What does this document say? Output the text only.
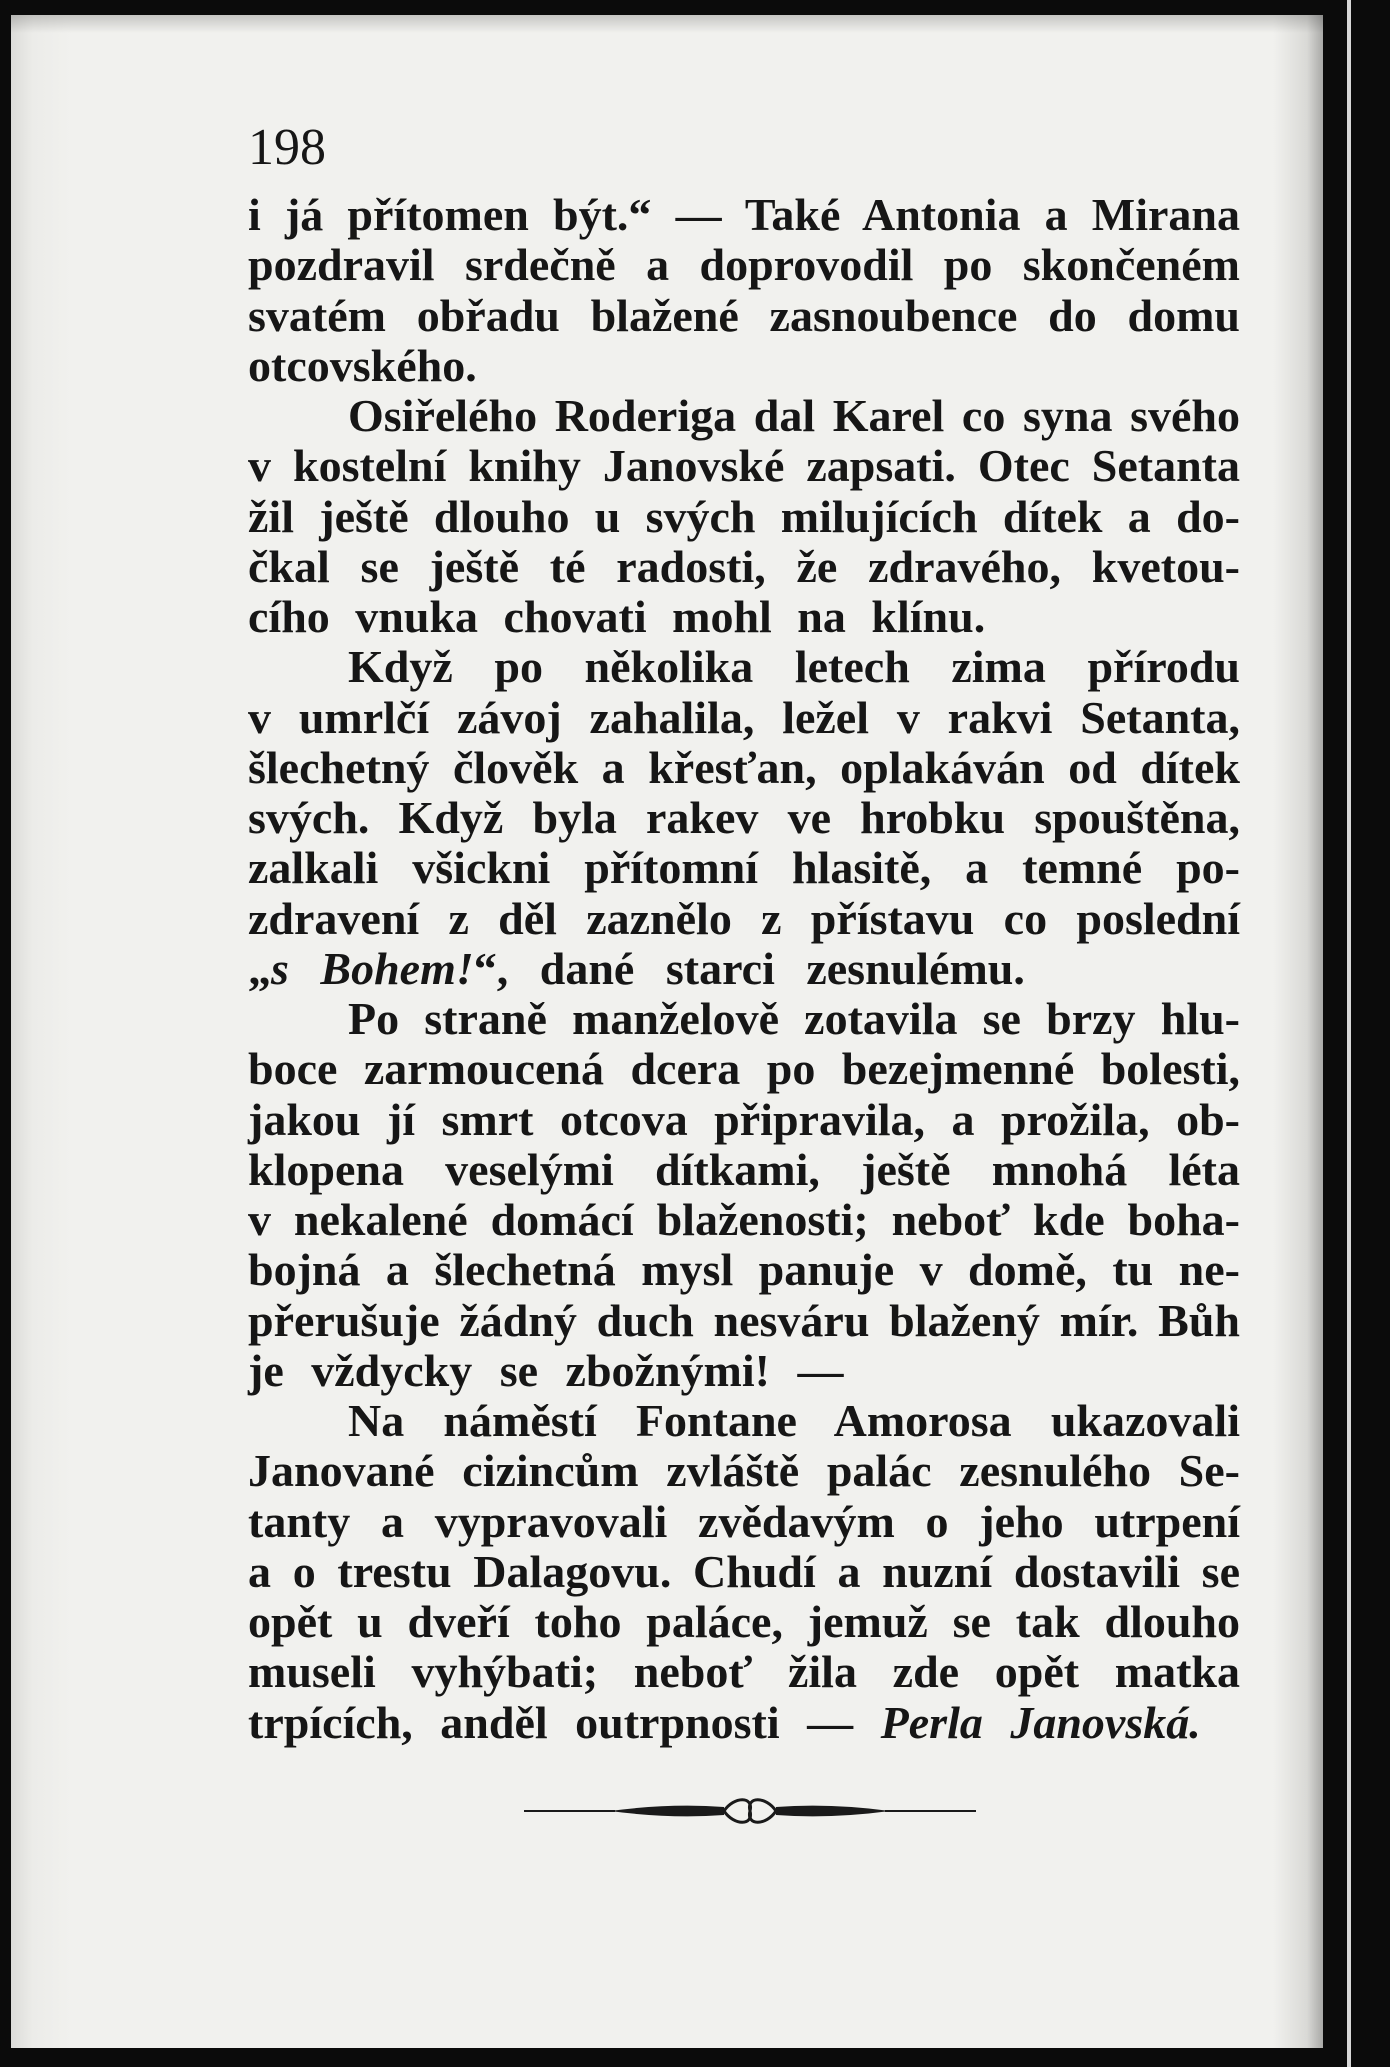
198
i já přítomen být.“ — Také Antonia a Mirana
pozdravil srdečně a doprovodil po skončeném
svatém obřadu blažené zasnoubence do domu
otcovského.
Osiřelého Roderiga dal Karel co syna svého
v kostelní knihy Janovské zapsati. Otec Setanta
žil ještě dlouho u svých milujících dítek a do-
čkal se ještě té radosti, že zdravého, kvetou-
cího vnuka chovati mohl na klínu.
Když po několika letech zima přírodu
v umrlčí závoj zahalila, ležel v rakvi Setanta,
šlechetný člověk a křesťan, oplakáván od dítek
svých. Když byla rakev ve hrobku spouštěna,
zalkali všickni přítomní hlasitě, a temné po-
zdravení z děl zaznělo z přístavu co poslední
„s Bohem!“, dané starci zesnulému.
Po straně manželově zotavila se brzy hlu-
boce zarmoucená dcera po bezejmenné bolesti,
jakou jí smrt otcova připravila, a prožila, ob-
klopena veselými dítkami, ještě mnohá léta
v nekalené domácí blaženosti; neboť kde boha-
bojná a šlechetná mysl panuje v domě, tu ne-
přerušuje žádný duch nesváru blažený mír. Bůh
je vždycky se zbožnými! —
Na náměstí Fontane Amorosa ukazovali
Janované cizincům zvláště palác zesnulého Se-
tanty a vypravovali zvědavým o jeho utrpení
a o trestu Dalagovu. Chudí a nuzní dostavili se
opět u dveří toho paláce, jemuž se tak dlouho
museli vyhýbati; neboť žila zde opět matka
trpících, anděl outrpnosti — Perla Janovská.
